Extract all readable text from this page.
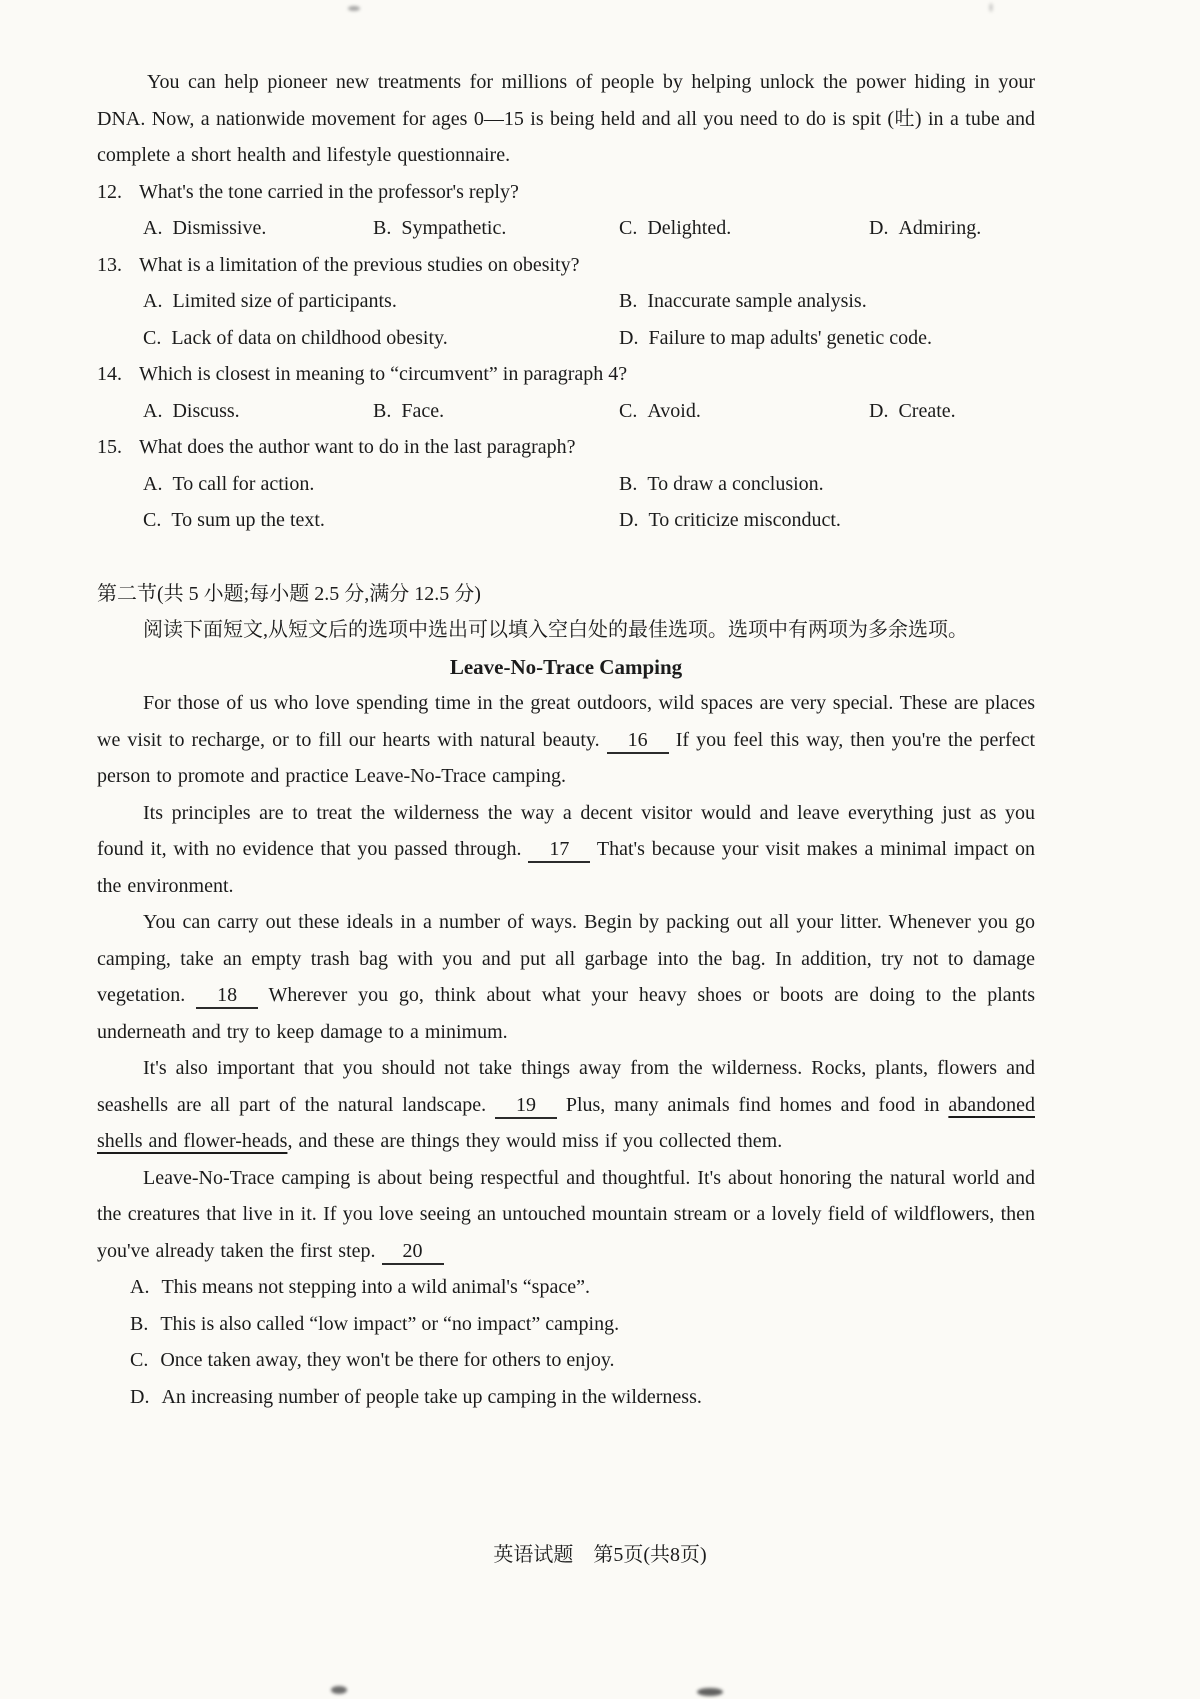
You can help pioneer new treatments for millions of people by helping unlock the power hiding in your DNA. Now, a nationwide movement for ages 0—15 is being held and all you need to do is spit (吐) in a tube and complete a short health and lifestyle questionnaire.

12. What's the tone carried in the professor's reply?
A. Dismissive.	B. Sympathetic.	C. Delighted.	D. Admiring.
13. What is a limitation of the previous studies on obesity?
A. Limited size of participants.	B. Inaccurate sample analysis.
C. Lack of data on childhood obesity.	D. Failure to map adults' genetic code.
14. Which is closest in meaning to “circumvent” in paragraph 4?
A. Discuss.	B. Face.	C. Avoid.	D. Create.
15. What does the author want to do in the last paragraph?
A. To call for action.	B. To draw a conclusion.
C. To sum up the text.	D. To criticize misconduct.
第二节(共 5 小题;每小题 2.5 分,满分 12.5 分)
阅读下面短文,从短文后的选项中选出可以填入空白处的最佳选项。选项中有两项为多余选项。
Leave-No-Trace Camping

For those of us who love spending time in the great outdoors, wild spaces are very special. These are places we visit to recharge, or to fill our hearts with natural beauty. 16 If you feel this way, then you're the perfect person to promote and practice Leave-No-Trace camping.

Its principles are to treat the wilderness the way a decent visitor would and leave everything just as you found it, with no evidence that you passed through. 17 That's because your visit makes a minimal impact on the environment.

You can carry out these ideals in a number of ways. Begin by packing out all your litter. Whenever you go camping, take an empty trash bag with you and put all garbage into the bag. In addition, try not to damage vegetation. 18 Wherever you go, think about what your heavy shoes or boots are doing to the plants underneath and try to keep damage to a minimum.

It's also important that you should not take things away from the wilderness. Rocks, plants, flowers and seashells are all part of the natural landscape. 19 Plus, many animals find homes and food in abandoned shells and flower-heads, and these are things they would miss if you collected them.

Leave-No-Trace camping is about being respectful and thoughtful. It's about honoring the natural world and the creatures that live in it. If you love seeing an untouched mountain stream or a lovely field of wildflowers, then you've already taken the first step. 20

A. This means not stepping into a wild animal's “space”.
B. This is also called “low impact” or “no impact” camping.
C. Once taken away, they won't be there for others to enjoy.
D. An increasing number of people take up camping in the wilderness.
英语试题　第5页(共8页)
